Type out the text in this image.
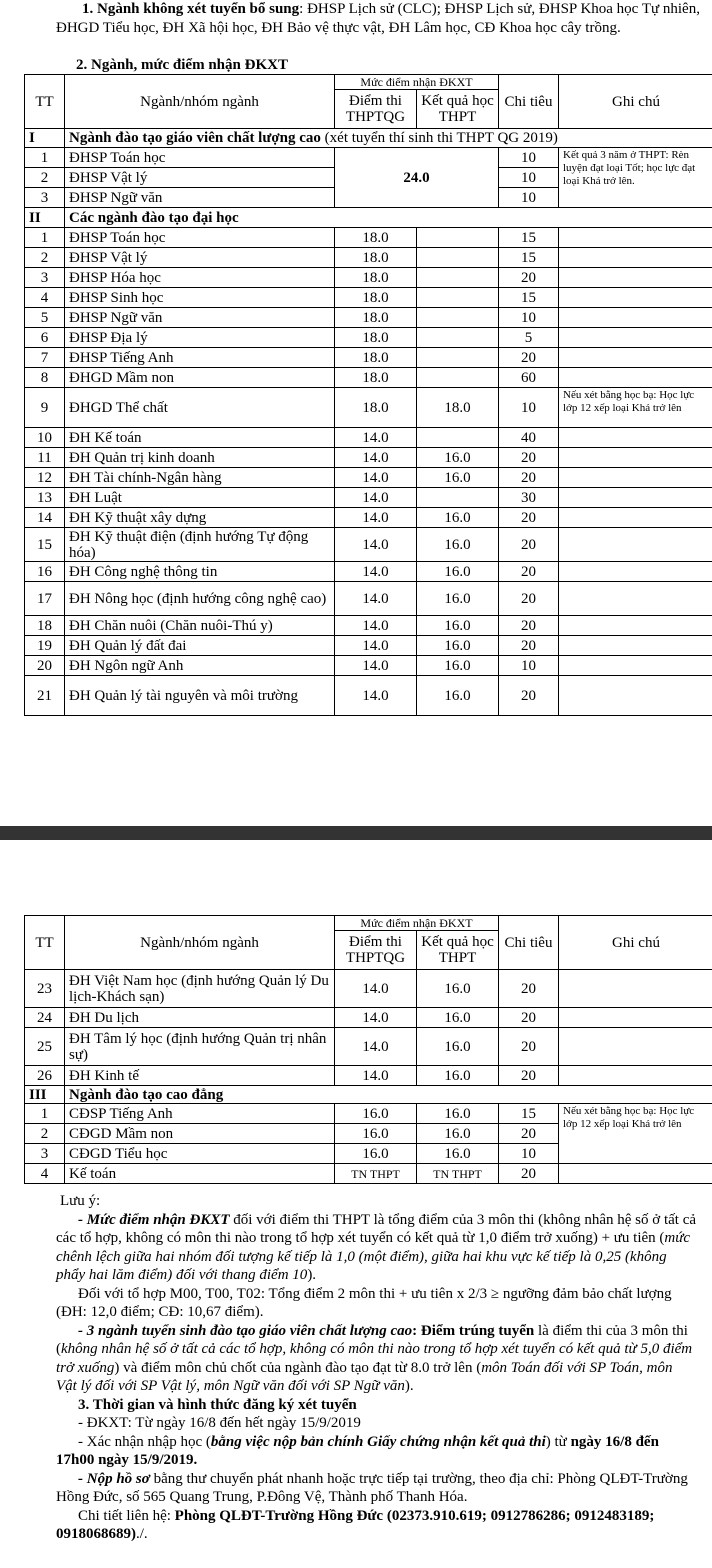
1. Ngành không xét tuyển bổ sung: ĐHSP Lịch sử (CLC); ĐHSP Lịch sử, ĐHSP Khoa học Tự nhiên, ĐHGD Tiểu học, ĐH Xã hội học, ĐH Bảo vệ thực vật, ĐH Lâm học, CĐ Khoa học cây trồng.
2. Ngành, mức điểm nhận ĐKXT
TT	Ngành/nhóm ngành	Mức điểm nhận ĐKXT		Chi tiêu	Ghi chú
		Điểm thi THPTQG	Kết quả học THPT		
I	Ngành đào tạo giáo viên chất lượng cao (xét tuyển thí sinh thi THPT QG 2019)				
1	ĐHSP Toán học	24.0		10	Kết quả 3 năm ở THPT: Rèn luyện đạt loại Tốt; học lực đạt loại Khá trở lên.
2	ĐHSP Vật lý			10	
3	ĐHSP Ngữ văn			10	
II	Các ngành đào tạo đại học				
1	ĐHSP Toán học	18.0		15	
2	ĐHSP Vật lý	18.0		15	
3	ĐHSP Hóa học	18.0		20	
4	ĐHSP Sinh học	18.0		15	
5	ĐHSP Ngữ văn	18.0		10	
6	ĐHSP Địa lý	18.0		5	
7	ĐHSP Tiếng Anh	18.0		20	
8	ĐHGD Mầm non	18.0		60	
9	ĐHGD Thể chất	18.0	18.0	10	Nếu xét bằng học bạ: Học lực lớp 12 xếp loại Khá trở lên
10	ĐH Kế toán	14.0		40	
11	ĐH Quản trị kinh doanh	14.0	16.0	20	
12	ĐH Tài chính-Ngân hàng	14.0	16.0	20	
13	ĐH Luật	14.0		30	
14	ĐH Kỹ thuật xây dựng	14.0	16.0	20	
15	ĐH Kỹ thuật điện (định hướng Tự động hóa)	14.0	16.0	20	
16	ĐH Công nghệ thông tin	14.0	16.0	20	
17	ĐH Nông học (định hướng công nghệ cao)	14.0	16.0	20	
18	ĐH Chăn nuôi (Chăn nuôi-Thú y)	14.0	16.0	20	
19	ĐH Quản lý đất đai	14.0	16.0	20	
20	ĐH Ngôn ngữ Anh	14.0	16.0	10	
21	ĐH Quản lý tài nguyên và môi trường	14.0	16.0	20	
TT	Ngành/nhóm ngành	Mức điểm nhận ĐKXT		Chi tiêu	Ghi chú
		Điểm thi THPTQG	Kết quả học THPT		
23	ĐH Việt Nam học (định hướng Quản lý Du lịch-Khách sạn)	14.0	16.0	20	
24	ĐH Du lịch	14.0	16.0	20	
25	ĐH Tâm lý học (định hướng Quản trị nhân sự)	14.0	16.0	20	
26	ĐH Kinh tế	14.0	16.0	20	
III	Ngành đào tạo cao đẳng				
1	CĐSP Tiếng Anh	16.0	16.0	15	Nếu xét bằng học bạ: Học lực lớp 12 xếp loại Khá trở lên
2	CĐGD Mầm non	16.0	16.0	20	
3	CĐGD Tiểu học	16.0	16.0	10	
4	Kế toán	TN THPT	TN THPT	20	

Lưu ý:

- Mức điểm nhận ĐKXT đối với điểm thi THPT là tổng điểm của 3 môn thi (không nhân hệ số ở tất cả các tổ hợp, không có môn thi nào trong tổ hợp xét tuyển có kết quả từ 1,0 điểm trở xuống) + ưu tiên (mức chênh lệch giữa hai nhóm đối tượng kế tiếp là 1,0 (một điểm), giữa hai khu vực kế tiếp là 0,25 (không phẩy hai lăm điểm) đối với thang điểm 10).

Đối với tổ hợp M00, T00, T02: Tổng điểm 2 môn thi + ưu tiên x 2/3 ≥ ngưỡng đảm bảo chất lượng (ĐH: 12,0 điểm; CĐ: 10,67 điểm).

- 3 ngành tuyển sinh đào tạo giáo viên chất lượng cao: Điểm trúng tuyển là điểm thi của 3 môn thi (không nhân hệ số ở tất cả các tổ hợp, không có môn thi nào trong tổ hợp xét tuyển có kết quả từ 5,0 điểm trở xuống) và điểm môn chủ chốt của ngành đào tạo đạt từ 8.0 trở lên (môn Toán đối với SP Toán, môn Vật lý đối với SP Vật lý, môn Ngữ văn đối với SP Ngữ văn).

3. Thời gian và hình thức đăng ký xét tuyển

- ĐKXT: Từ ngày 16/8 đến hết ngày 15/9/2019

- Xác nhận nhập học (bằng việc nộp bản chính Giấy chứng nhận kết quả thi) từ ngày 16/8 đến 17h00 ngày 15/9/2019.

- Nộp hồ sơ bằng thư chuyển phát nhanh hoặc trực tiếp tại trường, theo địa chỉ: Phòng QLĐT-Trường Hồng Đức, số 565 Quang Trung, P.Đông Vệ, Thành phố Thanh Hóa.

Chi tiết liên hệ: Phòng QLĐT-Trường Hồng Đức (02373.910.619; 0912786286; 0912483189; 0918068689)./.
